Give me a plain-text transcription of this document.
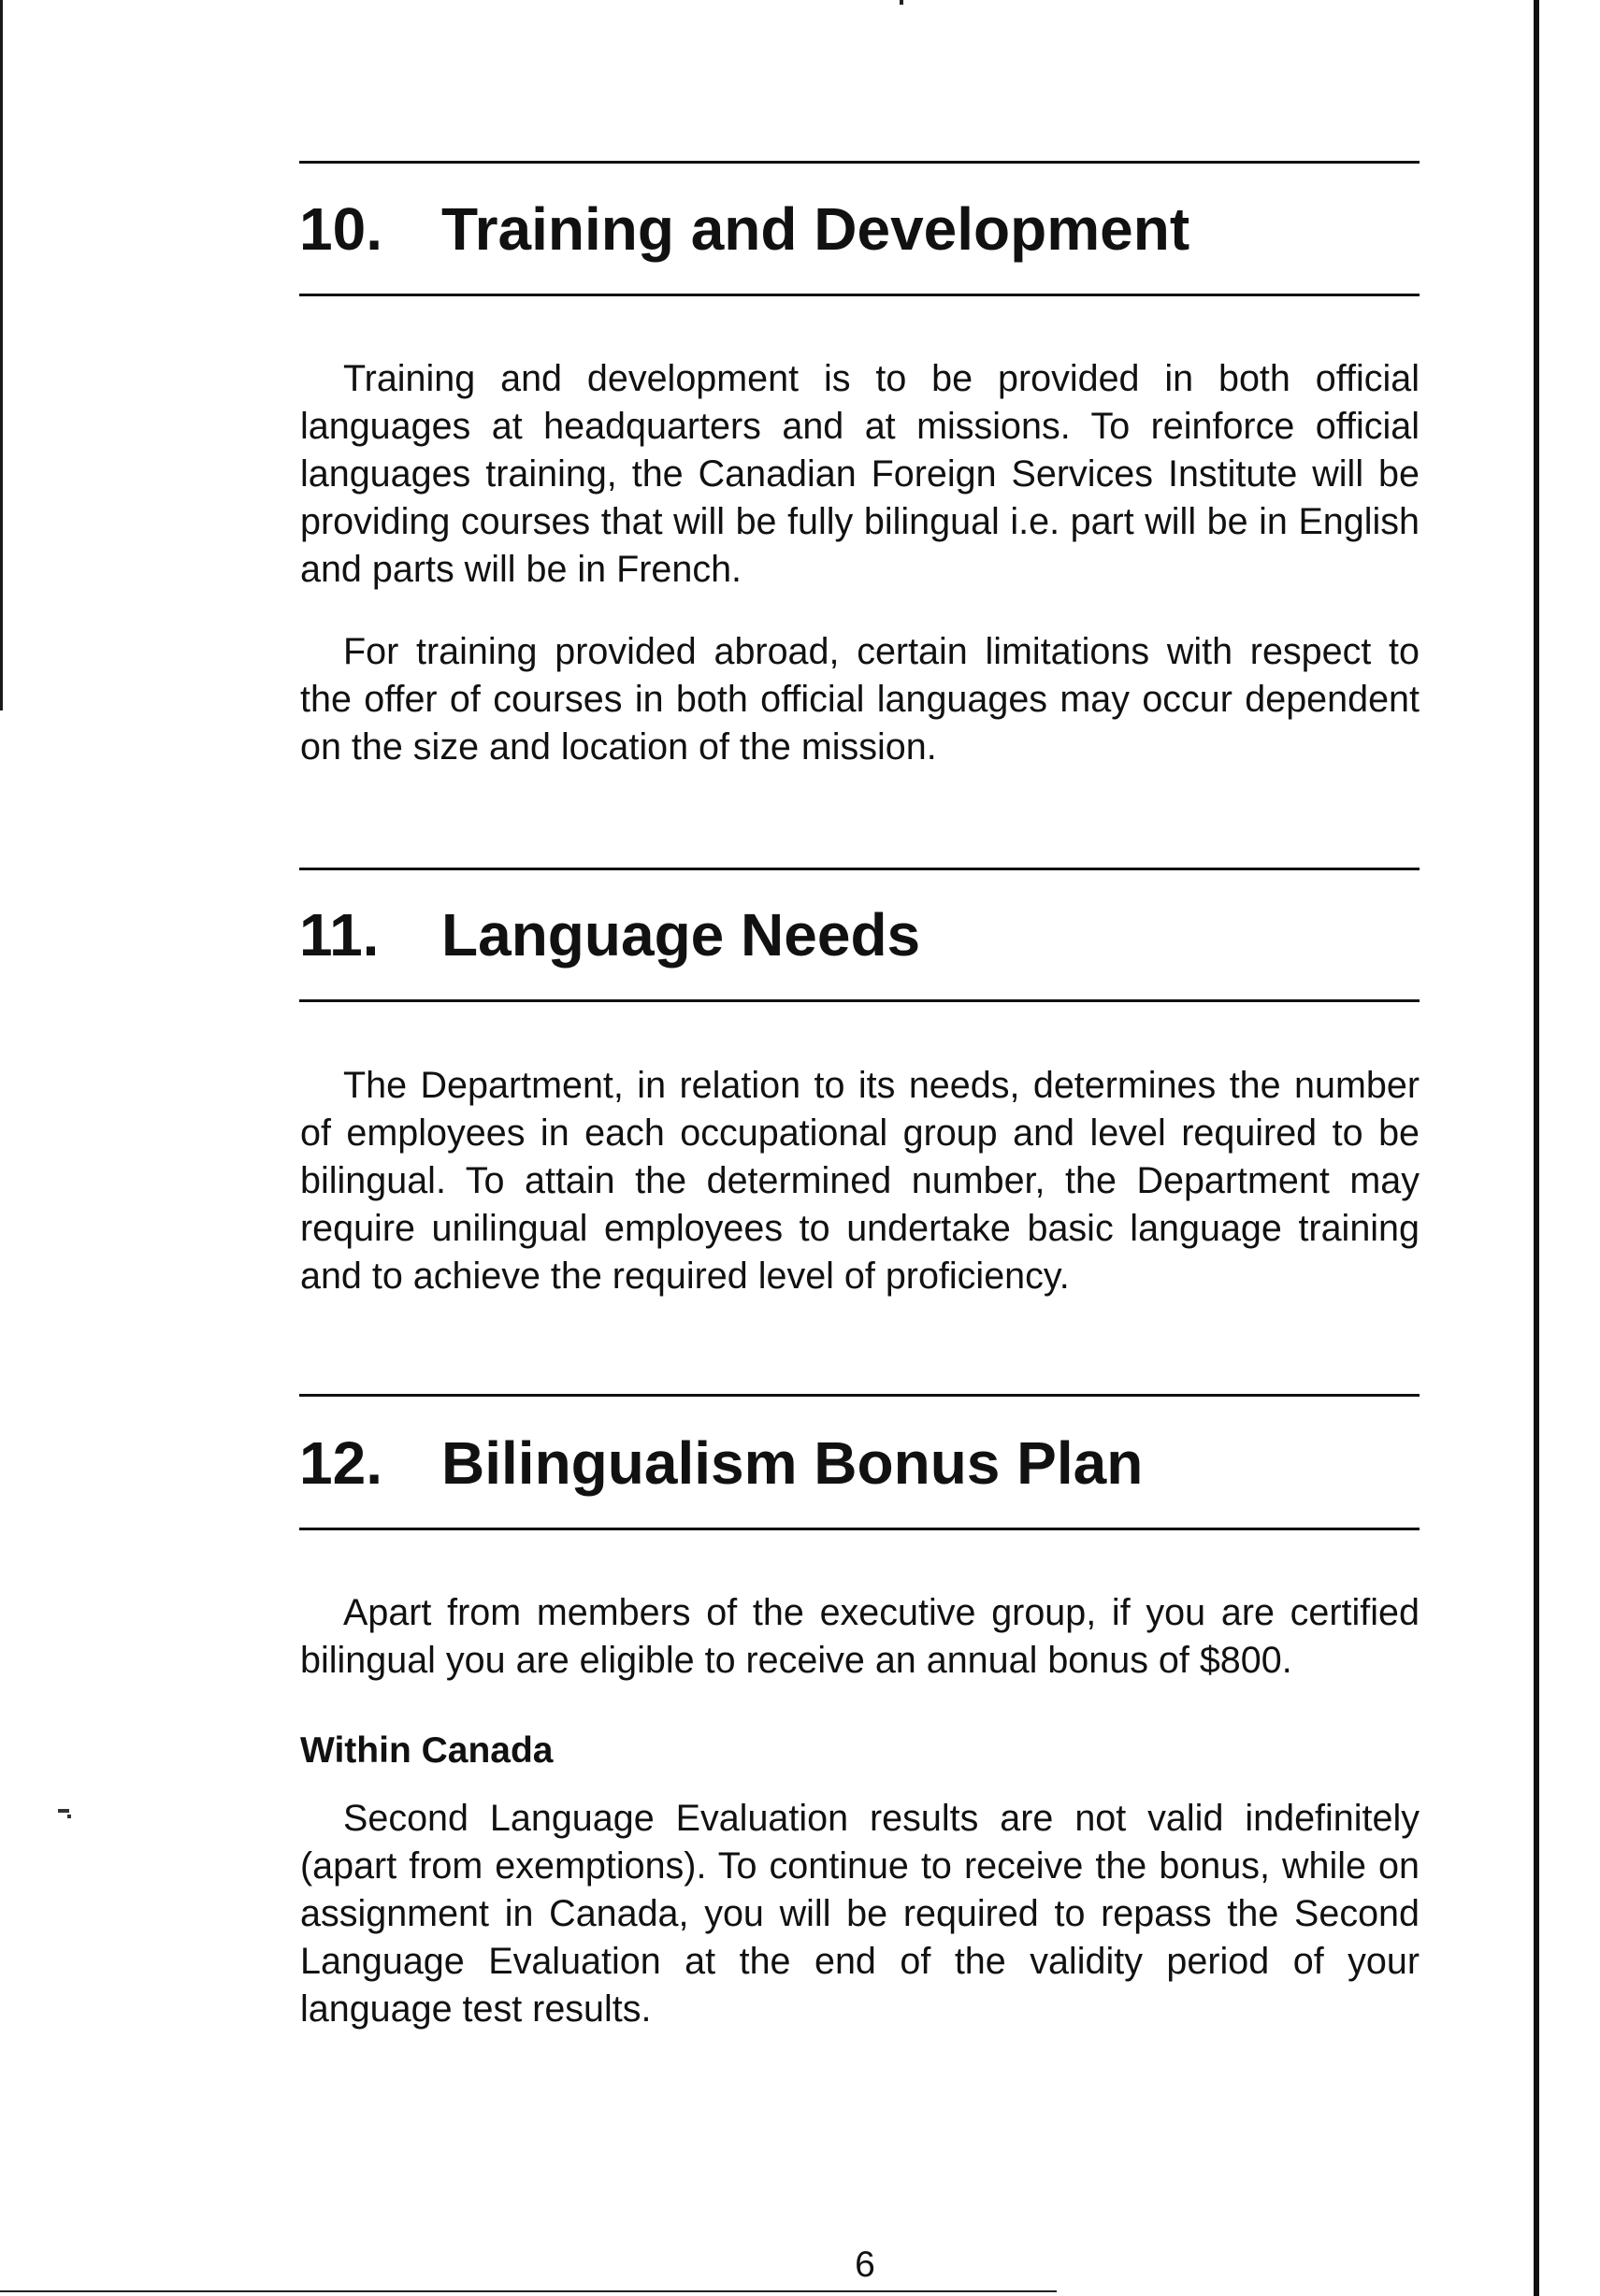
10. Training and Development

Training and development is to be provided in both official languages at headquarters and at missions. To reinforce official languages training, the Canadian Foreign Services Institute will be providing courses that will be fully bilingual i.e. part will be in English and parts will be in French.

For training provided abroad, certain limitations with respect to the offer of courses in both official languages may occur dependent on the size and location of the mission.

11. Language Needs

The Department, in relation to its needs, determines the number of employees in each occupational group and level required to be bilingual. To attain the determined number, the Department may require unilingual employees to undertake basic language training and to achieve the required level of proficiency.

12. Bilingualism Bonus Plan

Apart from members of the executive group, if you are certified bilingual you are eligible to receive an annual bonus of $800.

Within Canada

Second Language Evaluation results are not valid indefinitely (apart from exemptions). To continue to receive the bonus, while on assignment in Canada, you will be required to repass the Second Language Evaluation at the end of the validity period of your language test results.

6
